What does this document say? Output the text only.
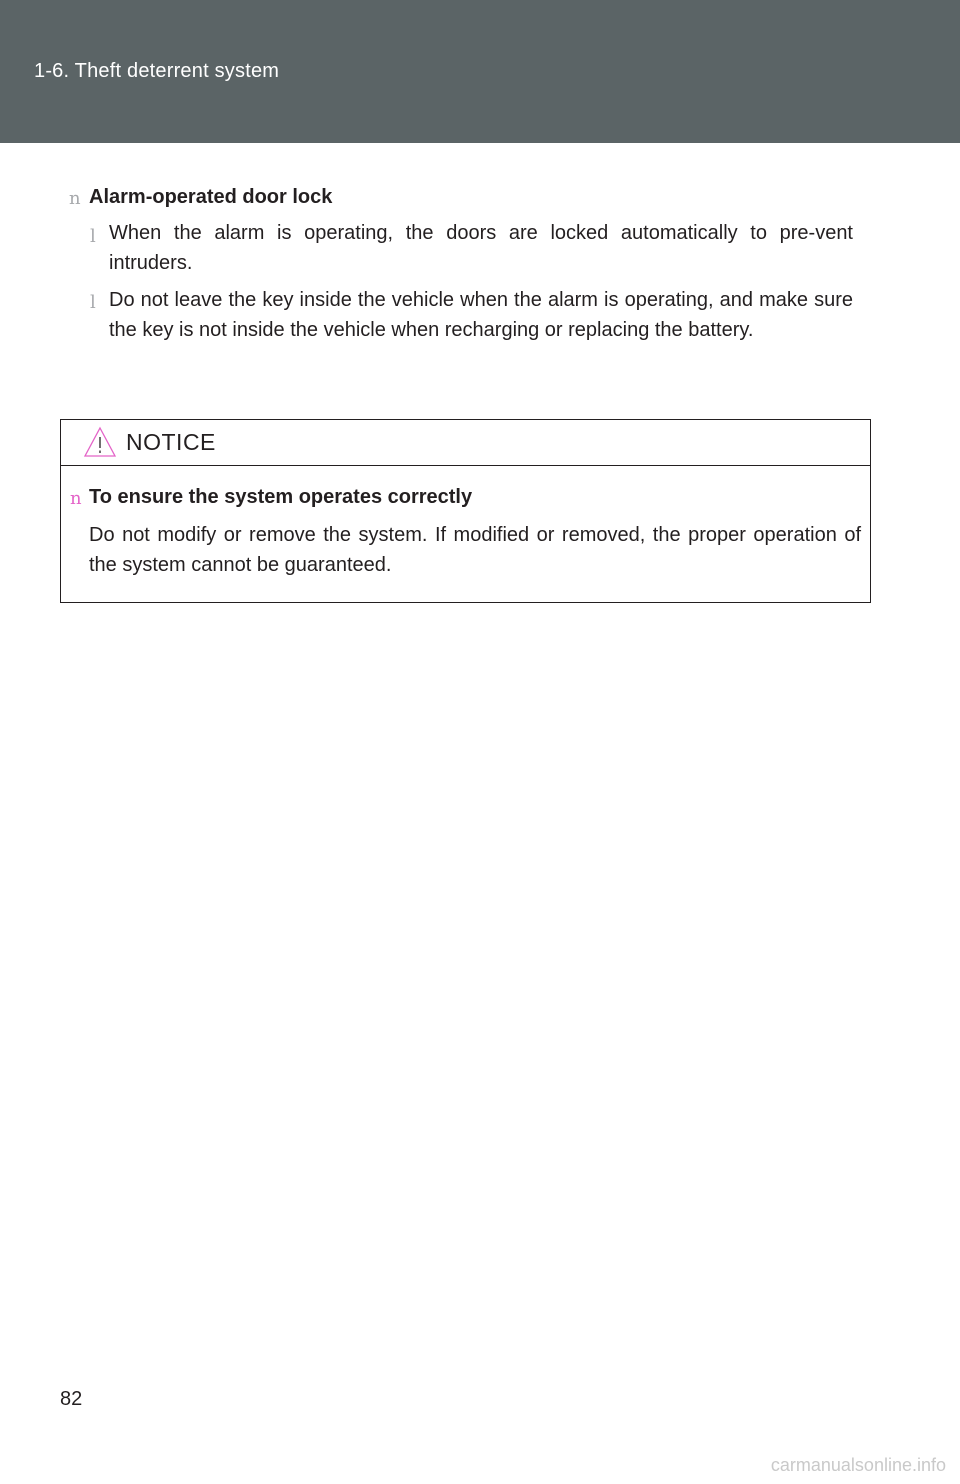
1-6. Theft deterrent system
n Alarm-operated door lock
l When the alarm is operating, the doors are locked automatically to pre-vent intruders.
l Do not leave the key inside the vehicle when the alarm is operating, and make sure the key is not inside the vehicle when recharging or replacing the battery.
NOTICE
n To ensure the system operates correctly
Do not modify or remove the system. If modified or removed, the proper operation of the system cannot be guaranteed.
82
carmanualsonline.info
